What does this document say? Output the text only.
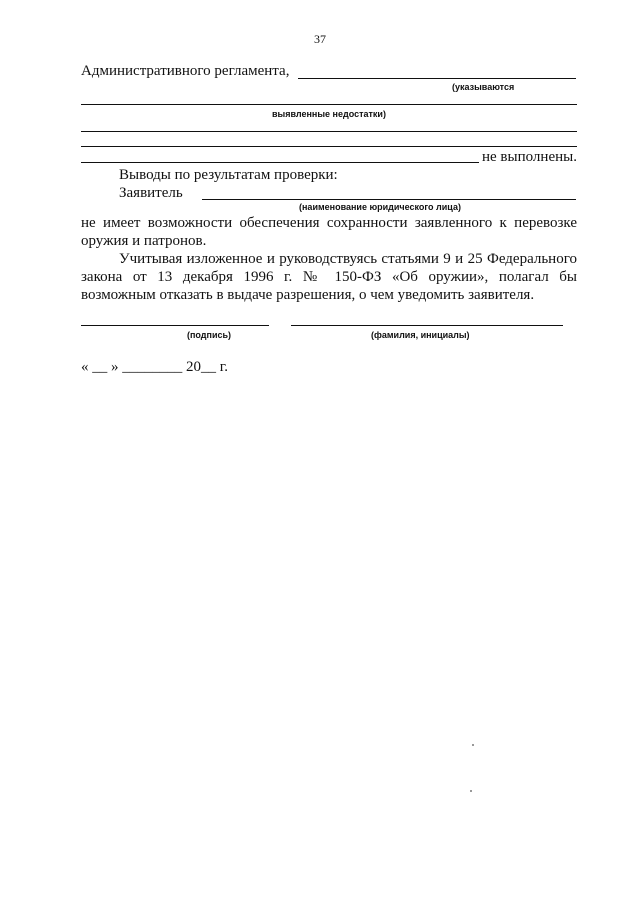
37
Административного регламента,
(указываются
выявленные недостатки)
не выполнены.
Выводы по результатам проверки:
Заявитель
(наименование юридического лица)
не имеет возможности обеспечения сохранности заявленного к перевозке
оружия и патронов.
Учитывая изложенное и руководствуясь статьями 9 и 25 Федерального
закона от 13 декабря 1996 г. № 150-ФЗ «Об оружии», полагал бы
возможным отказать в выдаче разрешения, о чем уведомить заявителя.
(подпись)	(фамилия, инициалы)
« __ » ________ 20__ г.
